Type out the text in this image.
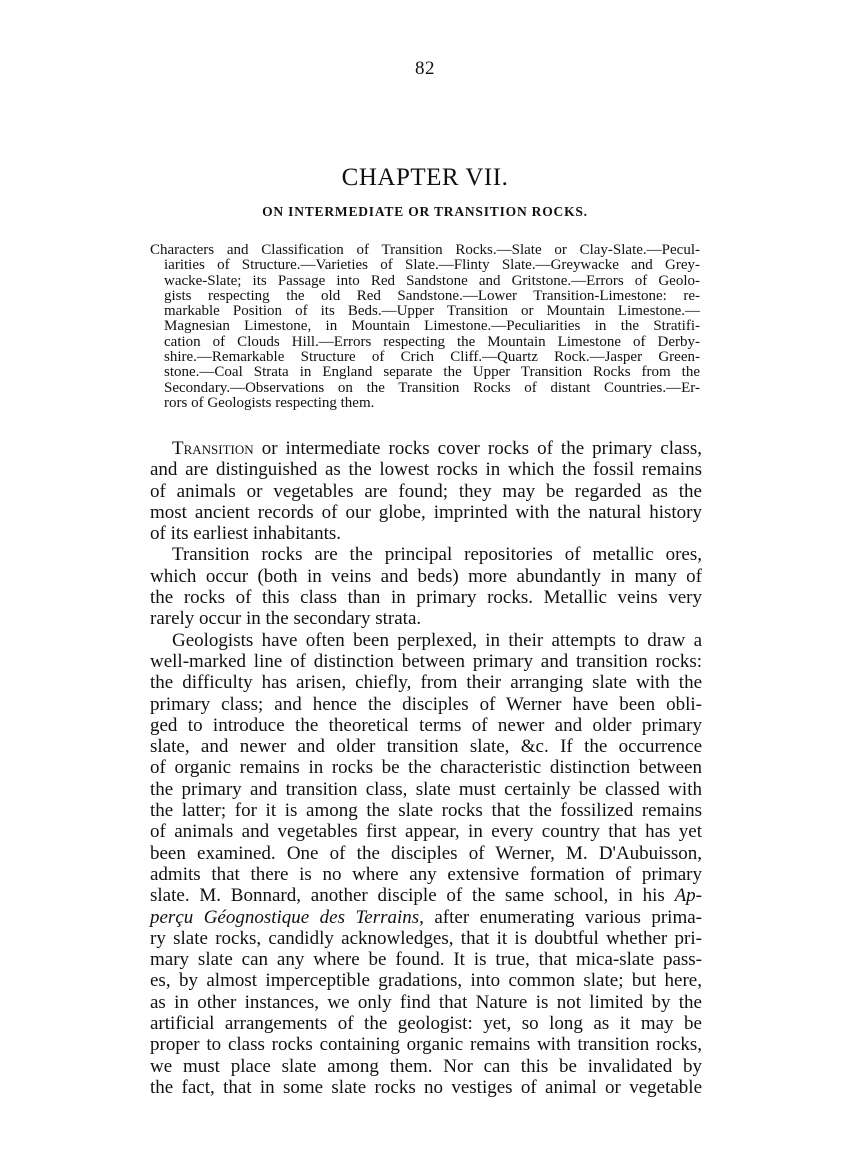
82
CHAPTER VII.
ON INTERMEDIATE OR TRANSITION ROCKS.
Characters and Classification of Transition Rocks.—Slate or Clay-Slate.—Pecul-
iarities of Structure.—Varieties of Slate.—Flinty Slate.—Greywacke and Grey-
wacke-Slate; its Passage into Red Sandstone and Gritstone.—Errors of Geolo-
gists respecting the old Red Sandstone.—Lower Transition-Limestone: re-
markable Position of its Beds.—Upper Transition or Mountain Limestone.—
Magnesian Limestone, in Mountain Limestone.—Peculiarities in the Stratifi-
cation of Clouds Hill.—Errors respecting the Mountain Limestone of Derby-
shire.—Remarkable Structure of Crich Cliff.—Quartz Rock.—Jasper Green-
stone.—Coal Strata in England separate the Upper Transition Rocks from the
Secondary.—Observations on the Transition Rocks of distant Countries.—Er-
rors of Geologists respecting them.
Transition or intermediate rocks cover rocks of the primary class,
and are distinguished as the lowest rocks in which the fossil remains
of animals or vegetables are found; they may be regarded as the
most ancient records of our globe, imprinted with the natural history
of its earliest inhabitants.
Transition rocks are the principal repositories of metallic ores,
which occur (both in veins and beds) more abundantly in many of
the rocks of this class than in primary rocks. Metallic veins very
rarely occur in the secondary strata.
Geologists have often been perplexed, in their attempts to draw a
well-marked line of distinction between primary and transition rocks:
the difficulty has arisen, chiefly, from their arranging slate with the
primary class; and hence the disciples of Werner have been obli-
ged to introduce the theoretical terms of newer and older primary
slate, and newer and older transition slate, &c. If the occurrence
of organic remains in rocks be the characteristic distinction between
the primary and transition class, slate must certainly be classed with
the latter; for it is among the slate rocks that the fossilized remains
of animals and vegetables first appear, in every country that has yet
been examined. One of the disciples of Werner, M. D'Aubuisson,
admits that there is no where any extensive formation of primary
slate. M. Bonnard, another disciple of the same school, in his Ap-
perçu Géognostique des Terrains, after enumerating various prima-
ry slate rocks, candidly acknowledges, that it is doubtful whether pri-
mary slate can any where be found. It is true, that mica-slate pass-
es, by almost imperceptible gradations, into common slate; but here,
as in other instances, we only find that Nature is not limited by the
artificial arrangements of the geologist: yet, so long as it may be
proper to class rocks containing organic remains with transition rocks,
we must place slate among them. Nor can this be invalidated by
the fact, that in some slate rocks no vestiges of animal or vegetable
